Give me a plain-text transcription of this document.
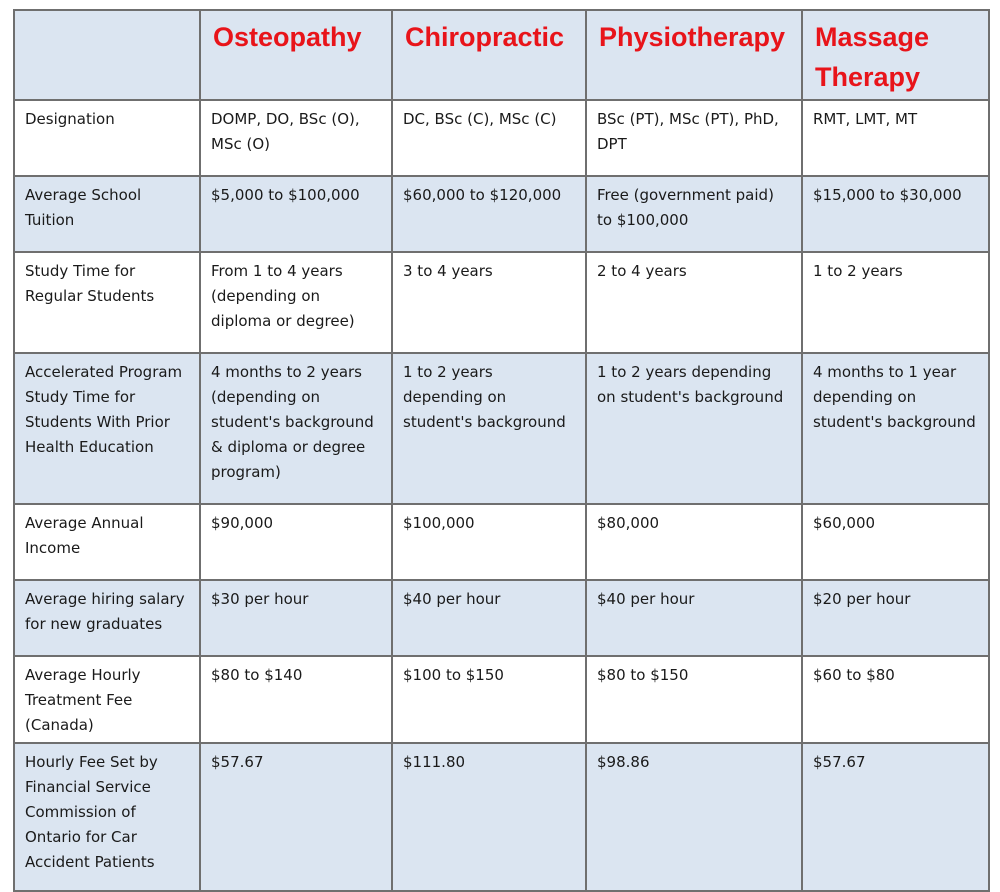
	Osteopathy	Chiropractic	Physiotherapy	Massage Therapy
Designation	DOMP, DO, BSc (O), MSc (O)	DC, BSc (C), MSc (C)	BSc (PT), MSc (PT), PhD, DPT	RMT, LMT, MT
Average School Tuition	$5,000 to $100,000	$60,000 to $120,000	Free (government paid) to $100,000	$15,000 to $30,000
Study Time for Regular Students	From 1 to 4 years (depending on diploma or degree)	3 to 4 years	2 to 4 years	1 to 2 years
Accelerated Program Study Time for Students With Prior Health Education	4 months to 2 years (depending on student's background & diploma or degree program)	1 to 2 years depending on student's background	1 to 2 years depending on student's background	4 months to 1 year depending on student's background
Average Annual Income	$90,000	$100,000	$80,000	$60,000
Average hiring salary for new graduates	$30 per hour	$40 per hour	$40 per hour	$20 per hour
Average Hourly Treatment Fee (Canada)	$80 to $140	$100 to $150	$80 to $150	$60 to $80
Hourly Fee Set by Financial Service Commission of Ontario for Car Accident Patients	$57.67	$111.80	$98.86	$57.67
